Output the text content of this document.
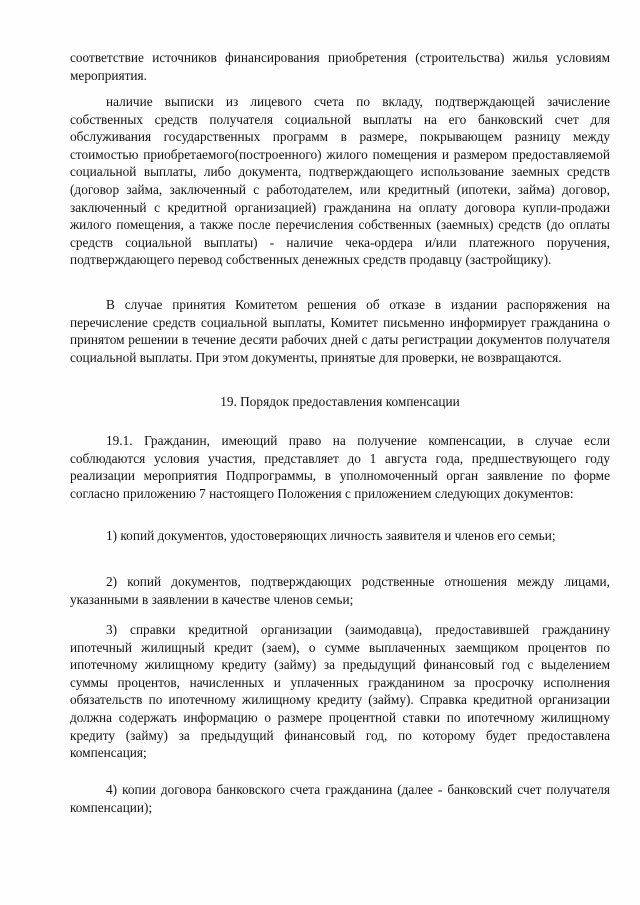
соответствие источников финансирования приобретения (строительства) жилья условиям мероприятия.

наличие выписки из лицевого счета по вкладу, подтверждающей зачисление собственных средств получателя социальной выплаты на его банковский счет для обслуживания государственных программ в размере, покрывающем разницу между стоимостью приобретаемого(построенного) жилого помещения и размером предоставляемой социальной выплаты, либо документа, подтверждающего использование заемных средств (договор займа, заключенный с работодателем, или кредитный (ипотеки, займа) договор, заключенный с кредитной организацией) гражданина на оплату договора купли-продажи жилого помещения, а также после перечисления собственных (заемных) средств (до оплаты средств социальной выплаты) - наличие чека-ордера и/или платежного поручения, подтверждающего перевод собственных денежных средств продавцу (застройщику).

В случае принятия Комитетом решения об отказе в издании распоряжения на перечисление средств социальной выплаты, Комитет письменно информирует гражданина о принятом решении в течение десяти рабочих дней с даты регистрации документов получателя социальной выплаты. При этом документы, принятые для проверки, не возвращаются.

19. Порядок предоставления компенсации

19.1. Гражданин, имеющий право на получение компенсации, в случае если соблюдаются условия участия, представляет до 1 августа года, предшествующего году реализации мероприятия Подпрограммы, в уполномоченный орган заявление по форме согласно приложению 7 настоящего Положения с приложением следующих документов:

1) копий документов, удостоверяющих личность заявителя и членов его семьи;

2) копий документов, подтверждающих родственные отношения между лицами, указанными в заявлении в качестве членов семьи;

3) справки кредитной организации (заимодавца), предоставившей гражданину ипотечный жилищный кредит (заем), о сумме выплаченных заемщиком процентов по ипотечному жилищному кредиту (займу) за предыдущий финансовый год с выделением суммы процентов, начисленных и уплаченных гражданином за просрочку исполнения обязательств по ипотечному жилищному кредиту (займу). Справка кредитной организации должна содержать информацию о размере процентной ставки по ипотечному жилищному кредиту (займу) за предыдущий финансовый год, по которому будет предоставлена компенсация;

4) копии договора банковского счета гражданина (далее - банковский счет получателя компенсации);
